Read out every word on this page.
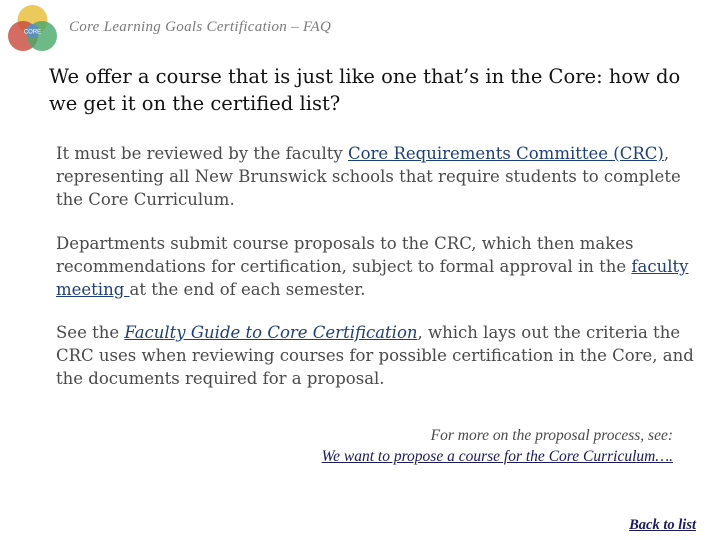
CORE Core Learning Goals Certification – FAQ
We offer a course that is just like one that’s in the Core: how do we get it on the certified list?
It must be reviewed by the faculty Core Requirements Committee (CRC), representing all New Brunswick schools that require students to complete the Core Curriculum.
Departments submit course proposals to the CRC, which then makes recommendations for certification, subject to formal approval in the faculty meeting at the end of each semester.
See the Faculty Guide to Core Certification, which lays out the criteria the CRC uses when reviewing courses for possible certification in the Core, and the documents required for a proposal.
For more on the proposal process, see:
We want to propose a course for the Core Curriculum….
Back to list
